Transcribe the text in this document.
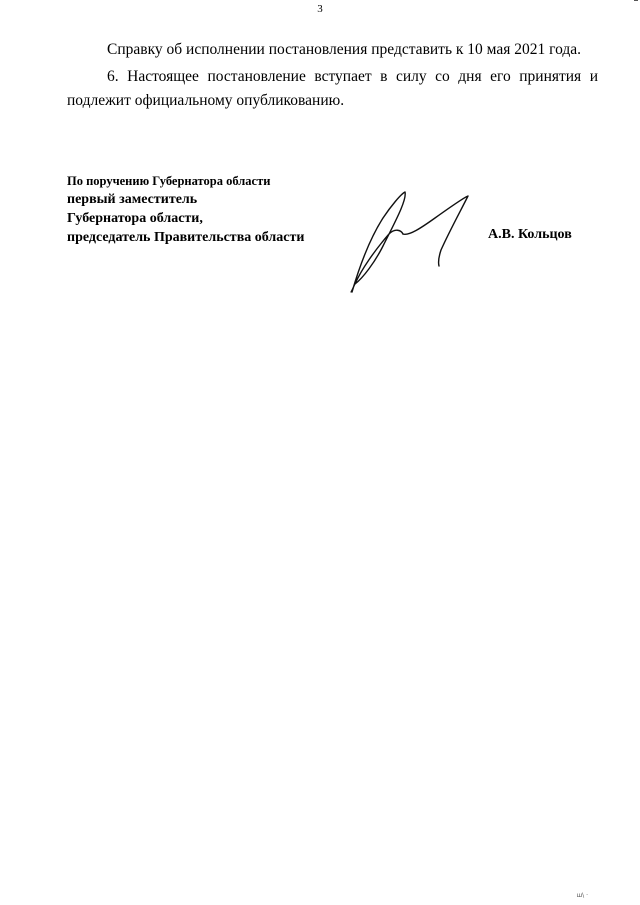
3

Справку об исполнении постановления представить к 10 мая 2021 года.

6. Настоящее постановление вступает в силу со дня его принятия и подлежит официальному опубликованию.

По поручению Губернатора области
первый заместитель
Губернатора области,
председатель Правительства области	А.В. Кольцов
ш\ ·
